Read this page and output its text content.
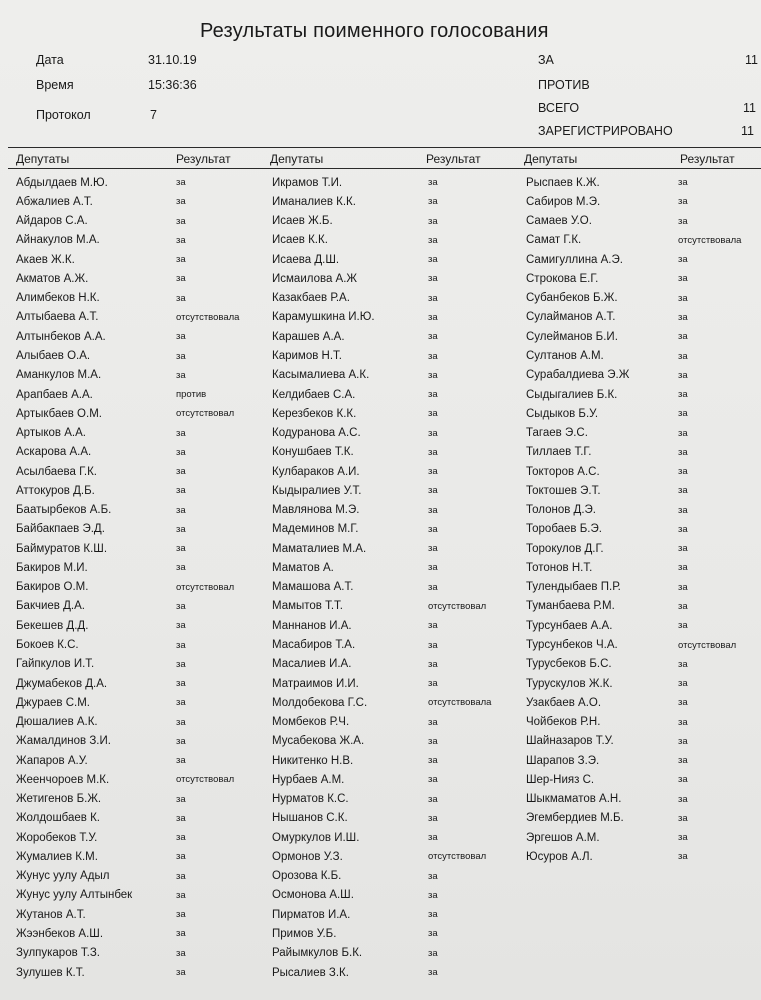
Результаты поименного голосования
Дата	31.10.19
Время	15:36:36
Протокол	7
ЗА	11
ПРОТИВ
ВСЕГО	11
ЗАРЕГИСТРИРОВАНО	11
Депутаты	Результат	Депутаты	Результат	Депутаты	Результат
Абдылдаев М.Ю.	за
Абжалиев А.Т.	за
Айдаров С.А.	за
Айнакулов М.А.	за
Акаев Ж.К.	за
Акматов А.Ж.	за
Алимбеков Н.К.	за
Алтыбаева А.Т.	отсутствовала
Алтынбеков А.А.	за
Алыбаев О.А.	за
Аманкулов М.А.	за
Арапбаев А.А.	против
Артыкбаев О.М.	отсутствовал
Артыков А.А.	за
Аскарова А.А.	за
Асылбаева Г.К.	за
Аттокуров Д.Б.	за
Баатырбеков А.Б.	за
Байбакпаев Э.Д.	за
Баймуратов К.Ш.	за
Бакиров М.И.	за
Бакиров О.М.	отсутствовал
Бакчиев Д.А.	за
Бекешев Д.Д.	за
Бокоев К.С.	за
Гайпкулов И.Т.	за
Джумабеков Д.А.	за
Джураев С.М.	за
Дюшалиев А.К.	за
Жамалдинов З.И.	за
Жапаров А.У.	за
Жеенчороев М.К.	отсутствовал
Жетигенов Б.Ж.	за
Жолдошбаев К.	за
Жоробеков Т.У.	за
Жумалиев К.М.	за
Жунус уулу Адыл	за
Жунус уулу Алтынбек	за
Жутанов А.Т.	за
Жээнбеков А.Ш.	за
Зулпукаров Т.З.	за
Зулушев К.Т.	за
Икрамов Т.И.	за
Иманалиев К.К.	за
Исаев Ж.Б.	за
Исаев К.К.	за
Исаева Д.Ш.	за
Исмаилова А.Ж	за
Казакбаев Р.А.	за
Карамушкина И.Ю.	за
Карашев А.А.	за
Каримов Н.Т.	за
Касымалиева А.К.	за
Келдибаев С.А.	за
Керезбеков К.К.	за
Кодуранова А.С.	за
Конушбаев Т.К.	за
Кулбараков А.И.	за
Кыдыралиев У.Т.	за
Мавлянова М.Э.	за
Мадеминов М.Г.	за
Маматалиев М.А.	за
Маматов А.	за
Мамашова А.Т.	за
Мамытов Т.Т.	отсутствовал
Маннанов И.А.	за
Масабиров Т.А.	за
Масалиев И.А.	за
Матраимов И.И.	за
Молдобекова Г.С.	отсутствовала
Момбеков Р.Ч.	за
Мусабекова Ж.А.	за
Никитенко Н.В.	за
Нурбаев А.М.	за
Нурматов К.С.	за
Нышанов С.К.	за
Омуркулов И.Ш.	за
Ормонов У.З.	отсутствовал
Орозова К.Б.	за
Осмонова А.Ш.	за
Пирматов И.А.	за
Примов У.Б.	за
Райымкулов Б.К.	за
Рысалиев З.К.	за
Рыспаев К.Ж.	за
Сабиров М.Э.	за
Самаев У.О.	за
Самат Г.К.	отсутствовала
Самигуллина А.Э.	за
Строкова Е.Г.	за
Субанбеков Б.Ж.	за
Сулайманов А.Т.	за
Сулейманов Б.И.	за
Султанов А.М.	за
Сурабалдиева Э.Ж	за
Сыдыгалиев Б.К.	за
Сыдыков Б.У.	за
Тагаев Э.С.	за
Тиллаев Т.Г.	за
Токторов А.С.	за
Токтошев Э.Т.	за
Толонов Д.Э.	за
Торобаев Б.Э.	за
Торокулов Д.Г.	за
Тотонов Н.Т.	за
Тулендыбаев П.Р.	за
Туманбаева Р.М.	за
Турсунбаев А.А.	за
Турсунбеков Ч.А.	отсутствовал
Турусбеков Б.С.	за
Турускулов Ж.К.	за
Узакбаев А.О.	за
Чойбеков Р.Н.	за
Шайназаров Т.У.	за
Шарапов З.Э.	за
Шер-Нияз С.	за
Шыкмаматов А.Н.	за
Эгембердиев М.Б.	за
Эргешов А.М.	за
Юсуров А.Л.	за
